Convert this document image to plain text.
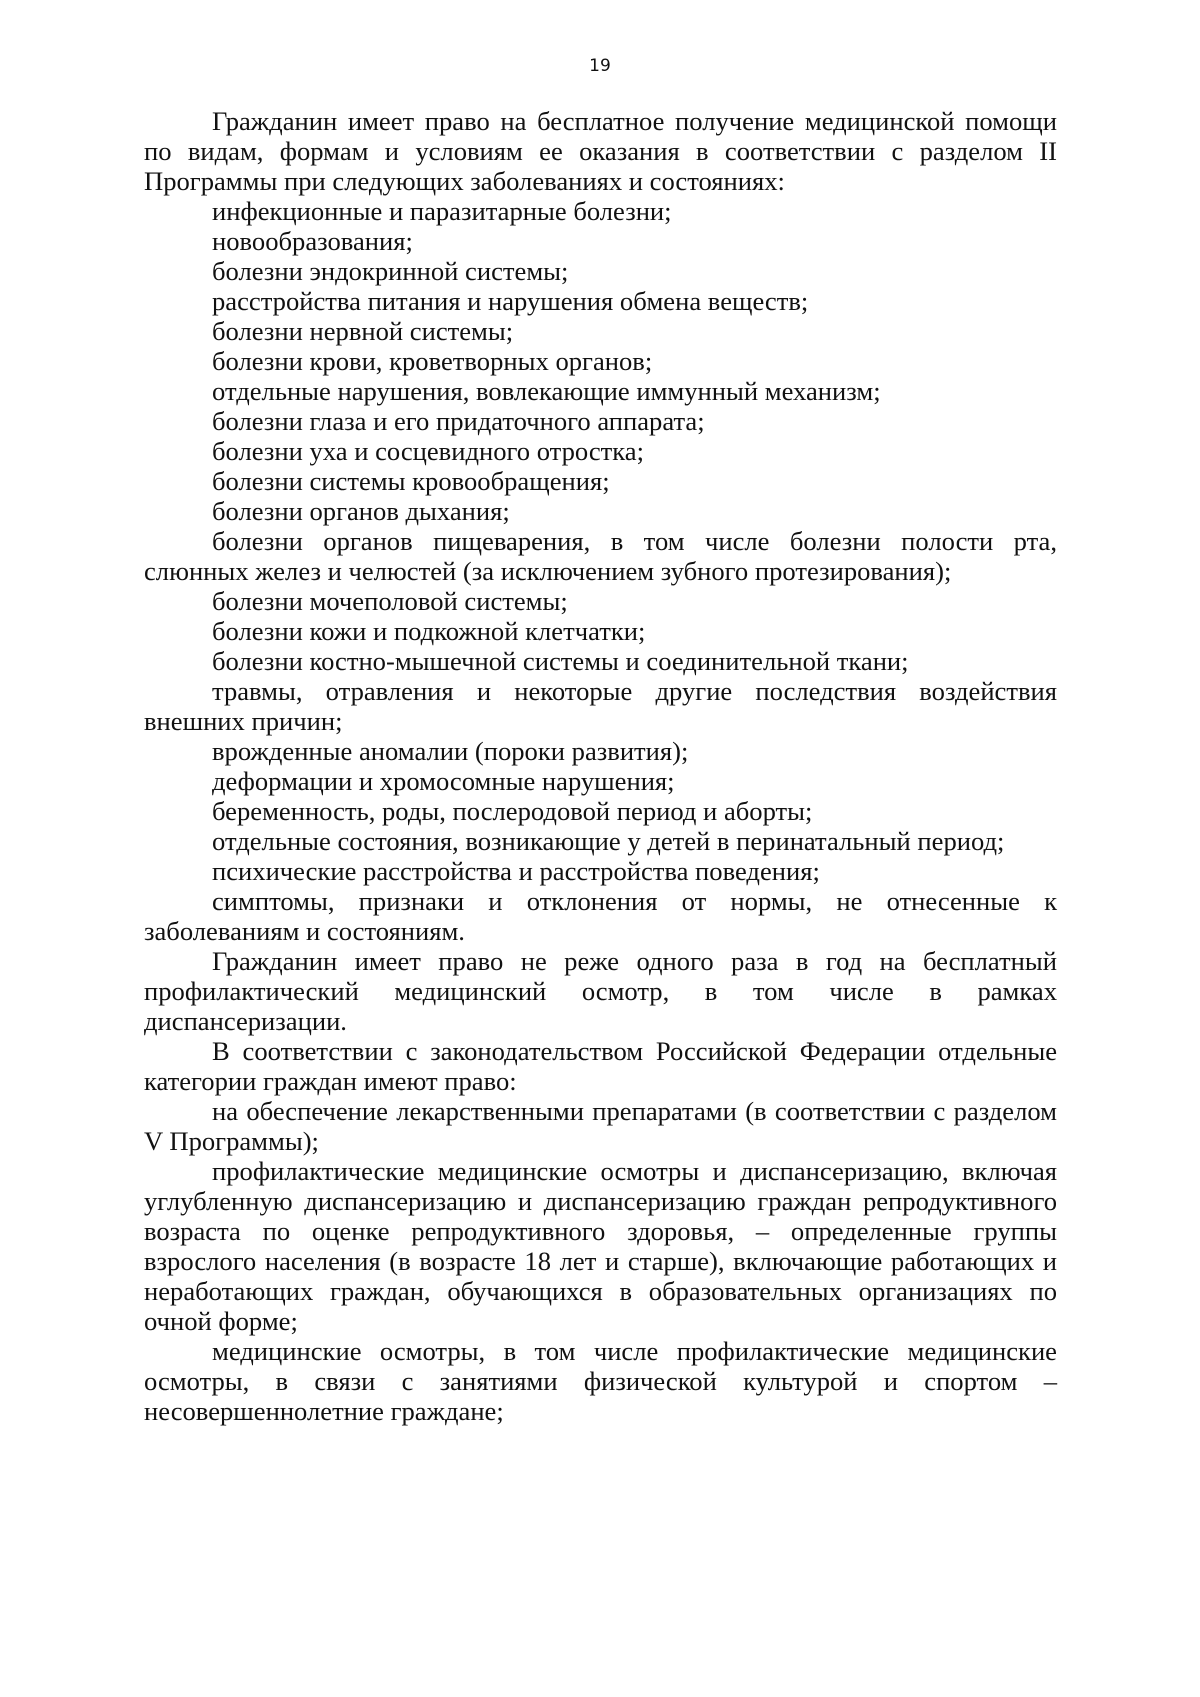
19

Гражданин имеет право на бесплатное получение медицинской помощи по видам, формам и условиям ее оказания в соответствии с разделом II Программы при следующих заболеваниях и состояниях:

инфекционные и паразитарные болезни;

новообразования;

болезни эндокринной системы;

расстройства питания и нарушения обмена веществ;

болезни нервной системы;

болезни крови, кроветворных органов;

отдельные нарушения, вовлекающие иммунный механизм;

болезни глаза и его придаточного аппарата;

болезни уха и сосцевидного отростка;

болезни системы кровообращения;

болезни органов дыхания;

болезни органов пищеварения, в том числе болезни полости рта, слюнных желез и челюстей (за исключением зубного протезирования);

болезни мочеполовой системы;

болезни кожи и подкожной клетчатки;

болезни костно-мышечной системы и соединительной ткани;

травмы, отравления и некоторые другие последствия воздействия внешних причин;

врожденные аномалии (пороки развития);

деформации и хромосомные нарушения;

беременность, роды, послеродовой период и аборты;

отдельные состояния, возникающие у детей в перинатальный период;

психические расстройства и расстройства поведения;

симптомы, признаки и отклонения от нормы, не отнесенные к заболеваниям и состояниям.

Гражданин имеет право не реже одного раза в год на бесплатный профилактический медицинский осмотр, в том числе в рамках диспансеризации.

В соответствии с законодательством Российской Федерации отдельные категории граждан имеют право:

на обеспечение лекарственными препаратами (в соответствии с разделом V Программы);

профилактические медицинские осмотры и диспансеризацию, включая углубленную диспансеризацию и диспансеризацию граждан репродуктивного возраста по оценке репродуктивного здоровья, – определенные группы взрослого населения (в возрасте 18 лет и старше), включающие работающих и неработающих граждан, обучающихся в образовательных организациях по очной форме;

медицинские осмотры, в том числе профилактические медицинские осмотры, в связи с занятиями физической культурой и спортом – несовершеннолетние граждане;
